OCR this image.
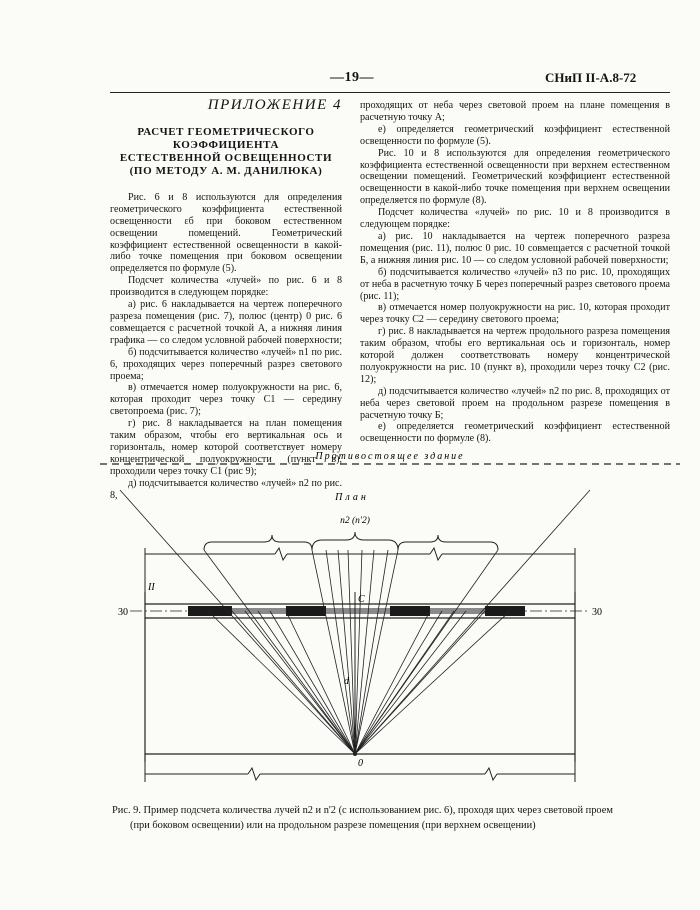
—19—	СНиП II-A.8-72

ПРИЛОЖЕНИЕ 4

РАСЧЕТ ГЕОМЕТРИЧЕСКОГО КОЭФФИЦИЕНТА
ЕСТЕСТВЕННОЙ ОСВЕЩЕННОСТИ
(ПО МЕТОДУ А. М. ДАНИЛЮКА)

Рис. 6 и 8 используются для определения геометрического коэффициента естественной освещенности εб при боковом естественном освещении помещений. Геометрический коэффициент естественной освещенности в какой-либо точке помещения при боковом освещении определяется по формуле (5).

Подсчет количества «лучей» по рис. 6 и 8 производится в следующем порядке:

а) рис. 6 накладывается на чертеж поперечного разреза помещения (рис. 7), полюс (центр) 0 рис. 6 совмещается с расчетной точкой А, а нижняя линия графика — со следом условной рабочей поверхности;

б) подсчитывается количество «лучей» n1 по рис. 6, проходящих через поперечный разрез светового проема;

в) отмечается номер полуокружности на рис. 6, которая проходит через точку C1 — середину светопроема (рис. 7);

г) рис. 8 накладывается на план помещения таким образом, чтобы его вертикальная ось и горизонталь, номер которой соответствует номеру концентрической полуокружности (пункт в), проходили через точку C1 (рис 9);

д) подсчитывается количество «лучей» n2 по рис. 8,

проходящих от неба через световой проем на плане помещения в расчетную точку А;

е) определяется геометрический коэффициент естественной освещенности по формуле (5).

Рис. 10 и 8 используются для определения геометрического коэффициента естественной освещенности при верхнем естественном освещении помещений. Геометрический коэффициент естественной освещенности в какой-либо точке помещения при верхнем освещении определяется по формуле (8).

Подсчет количества «лучей» по рис. 10 и 8 производится в следующем порядке:

а) рис. 10 накладывается на чертеж поперечного разреза помещения (рис. 11), полюс 0 рис. 10 совмещается с расчетной точкой Б, а нижняя линия рис. 10 — со следом условной рабочей поверхности;

б) подсчитывается количество «лучей» n3 по рис. 10, проходящих от неба в расчетную точку Б через поперечный разрез светового проема (рис. 11);

в) отмечается номер полуокружности на рис. 10, которая проходит через точку C2 — середину светового проема;

г) рис. 8 накладывается на чертеж продольного разреза помещения таким образом, чтобы его вертикальная ось и горизонталь, номер которой должен соответствовать номеру концентрической полуокружности на рис. 10 (пункт в), проходили через точку C2 (рис. 12);

д) подсчитывается количество «лучей» n2 по рис. 8, проходящих от неба через световой проем на продольном разрезе помещения в расчетную точку Б;

е) определяется геометрический коэффициент естественной освещенности по формуле (8).

Противостоящее здание
План
n2 (n'2)
30	30
C
d
II
0
Рис. 9. Пример подсчета количества лучей n2 и n'2 (с использованием рис. 6), проходя щих через световой проем
(при боковом освещении) или на продольном разрезе помещения (при верхнем освещении)
